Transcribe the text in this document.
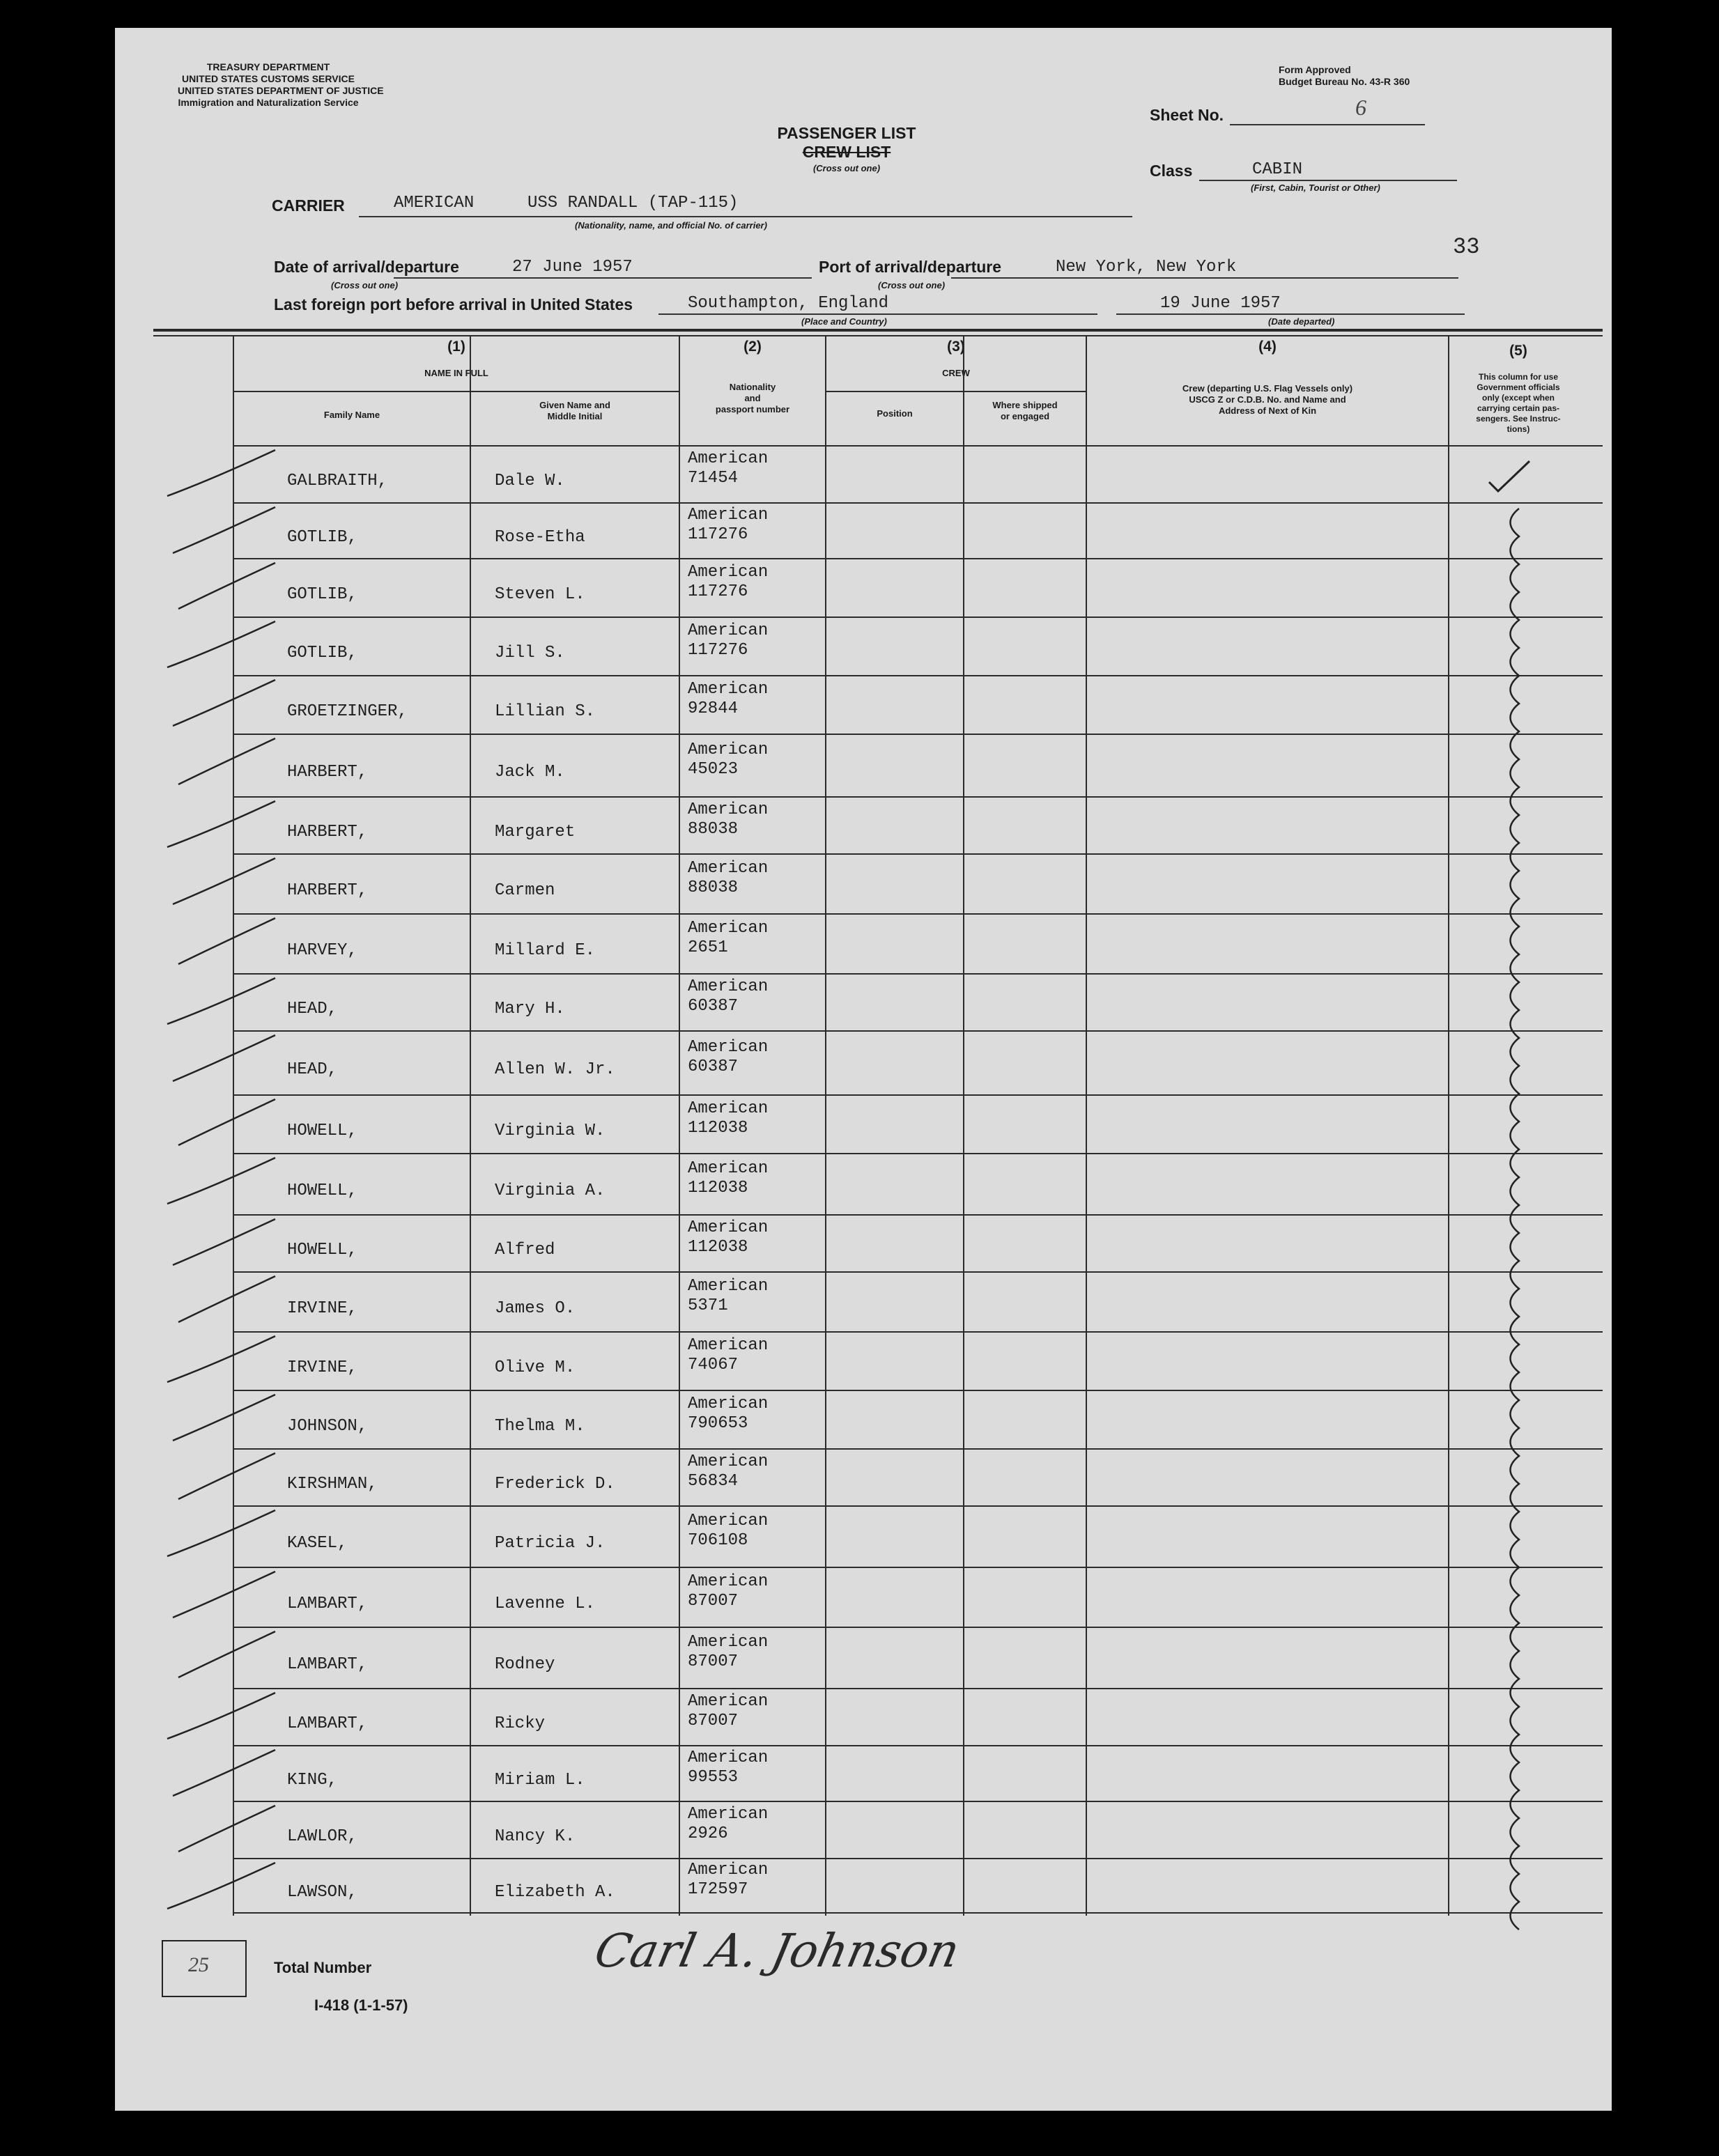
TREASURY DEPARTMENT
UNITED STATES CUSTOMS SERVICE
UNITED STATES DEPARTMENT OF JUSTICE
Immigration and Naturalization Service
Form Approved
Budget Bureau No. 43-R 360
PASSENGER LIST
CREW LIST
(Cross out one)
Sheet No.	6
Class	CABIN
(First, Cabin, Tourist or Other)
CARRIER	AMERICAN	USS RANDALL (TAP-115)
(Nationality, name, and official No. of carrier)
Date of arrival/departure	27 June 1957
(Cross out one)
Port of arrival/departure	New York, New York
(Cross out one)
33
Last foreign port before arrival in United States	Southampton, England
(Place and Country)
19 June 1957
(Date departed)
(1)
NAME IN FULL
Family Name
Given Name and
Middle Initial
(2)
Nationality
and
passport number
(3)
CREW
Position
Where shipped
or engaged
(4)
Crew (departing U.S. Flag Vessels only)
USCG Z or C.D.B. No. and Name and
Address of Next of Kin
(5)
This column for use
Government officials
only (except when
carrying certain pas-
sengers. See Instruc-
tions)
GALBRAITH,	Dale W.
American
71454
GOTLIB,	Rose-Etha
American
117276
GOTLIB,	Steven L.
American
117276
GOTLIB,	Jill S.
American
117276
GROETZINGER,	Lillian S.
American
92844
HARBERT,	Jack M.
American
45023
HARBERT,	Margaret
American
88038
HARBERT,	Carmen
American
88038
HARVEY,	Millard E.
American
2651
HEAD,	Mary H.
American
60387
HEAD,	Allen W. Jr.
American
60387
HOWELL,	Virginia W.
American
112038
HOWELL,	Virginia A.
American
112038
HOWELL,	Alfred
American
112038
IRVINE,	James O.
American
5371
IRVINE,	Olive M.
American
74067
JOHNSON,	Thelma M.
American
790653
KIRSHMAN,	Frederick D.
American
56834
KASEL,	Patricia J.
American
706108
LAMBART,	Lavenne L.
American
87007
LAMBART,	Rodney
American
87007
LAMBART,	Ricky
American
87007
KING,	Miriam L.
American
99553
LAWLOR,	Nancy K.
American
2926
LAWSON,	Elizabeth A.
American
172597
25	Total Number
I-418 (1-1-57)
Carl A. Johnson
